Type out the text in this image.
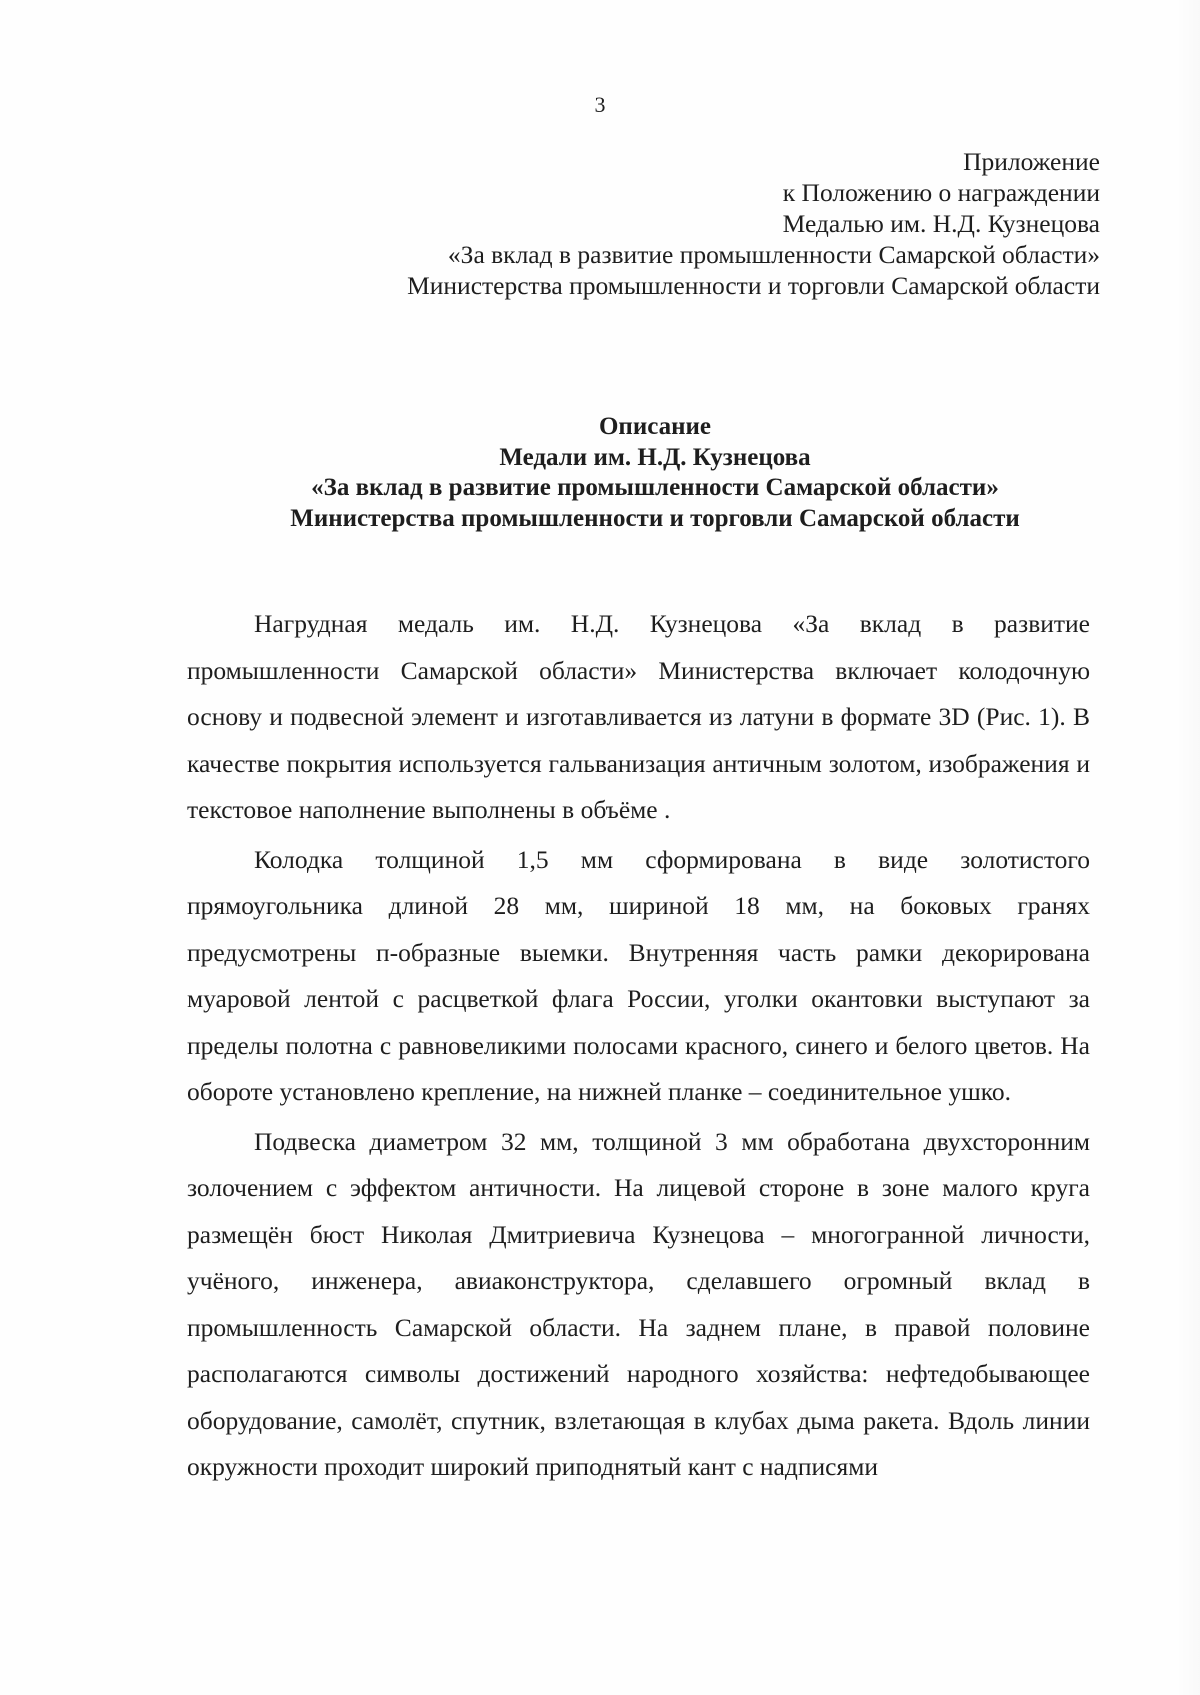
3
Приложение
к Положению о награждении
Медалью им. Н.Д. Кузнецова
«За вклад в развитие промышленности Самарской области»
Министерства промышленности и торговли Самарской области
Описание
Медали им. Н.Д. Кузнецова
«За вклад в развитие промышленности Самарской области»
Министерства промышленности и торговли Самарской области

Нагрудная медаль им. Н.Д. Кузнецова «За вклад в развитие промышленности Самарской области» Министерства включает колодочную основу и подвесной элемент и изготавливается из латуни в формате 3D (Рис. 1). В качестве покрытия используется гальванизация античным золотом, изображения и текстовое наполнение выполнены в объёме .

Колодка толщиной 1,5 мм сформирована в виде золотистого прямоугольника длиной 28 мм, шириной 18 мм, на боковых гранях предусмотрены п-образные выемки. Внутренняя часть рамки декорирована муаровой лентой с расцветкой флага России, уголки окантовки выступают за пределы полотна с равновеликими полосами красного, синего и белого цветов. На обороте установлено крепление, на нижней планке – соединительное ушко.

Подвеска диаметром 32 мм, толщиной 3 мм обработана двухсторонним золочением с эффектом античности. На лицевой стороне в зоне малого круга размещён бюст Николая Дмитриевича Кузнецова – многогранной личности, учёного, инженера, авиаконструктора, сделавшего огромный вклад в промышленность Самарской области. На заднем плане, в правой половине располагаются символы достижений народного хозяйства: нефтедобывающее оборудование, самолёт, спутник, взлетающая в клубах дыма ракета. Вдоль линии окружности проходит широкий приподнятый кант с надписями
